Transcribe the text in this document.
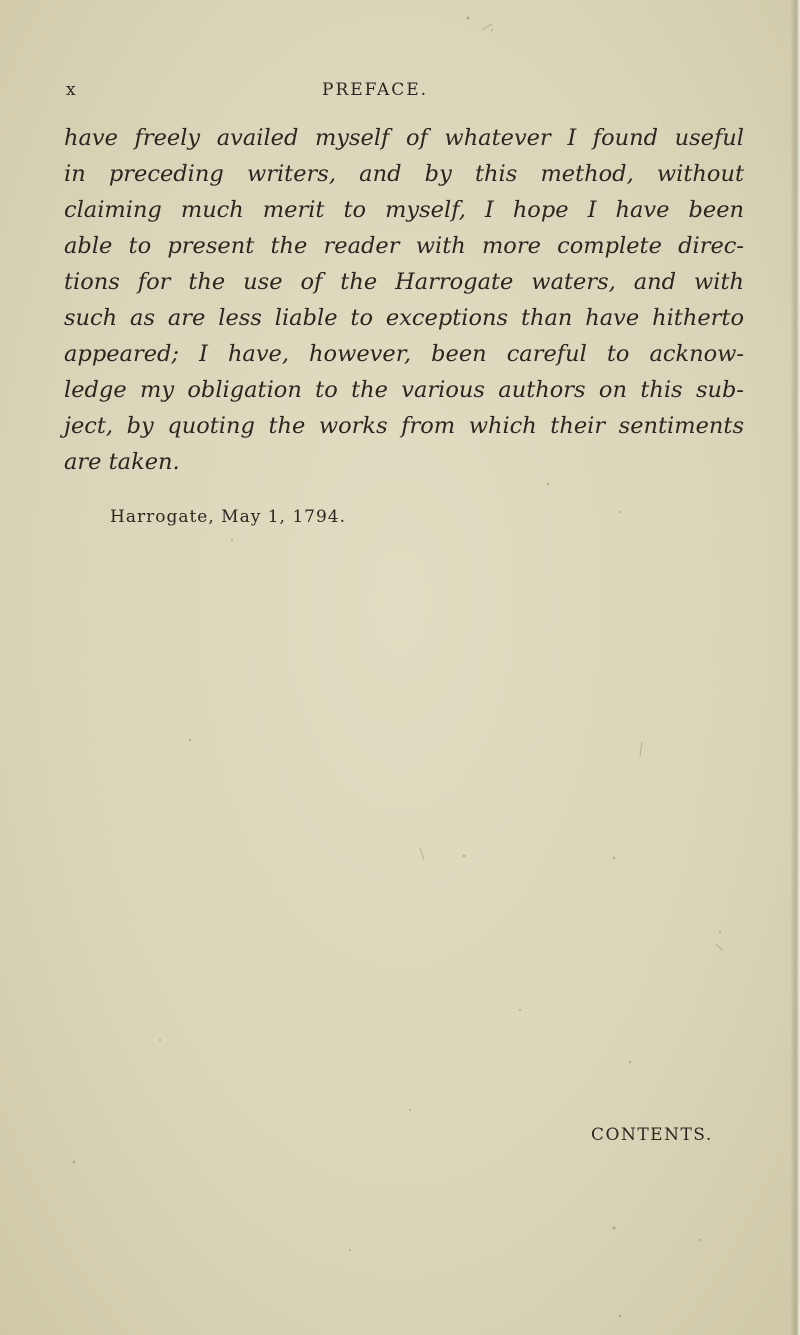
x	PREFACE.
have freely availed myself of whatever I found useful
in preceding writers, and by this method, without
claiming much merit to myself, I hope I have been
able to present the reader with more complete direc-
tions for the use of the Harrogate waters, and with
such as are less liable to exceptions than have hitherto
appeared; I have, however, been careful to acknow-
ledge my obligation to the various authors on this sub-
ject, by quoting the works from which their sentiments
are taken.
Harrogate, May 1, 1794.
CONTENTS.
